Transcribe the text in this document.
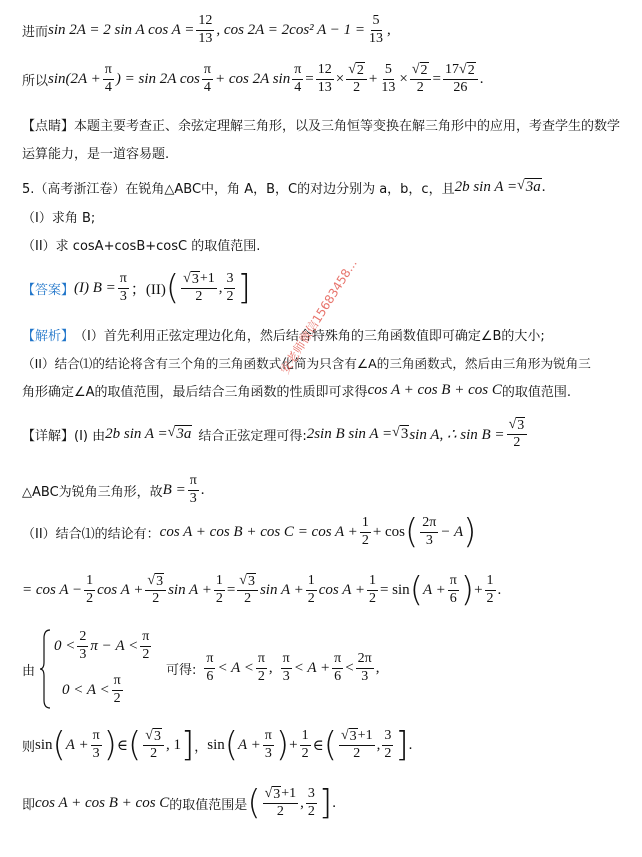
进而 sin 2A = 2 sin A $\cos A = \frac{12}{13}$ , cos 2A = 2cos² $A - 1 = \frac{5}{13}$ ,
所以 $\sin(2A + \frac{\pi}{4}$ ) = sin 2A $\cos \frac{\pi}{4} + \cos 2A$ $\sin \frac{\pi}{4} = \frac{12}{13} \times \frac{√ 2}{2} + \frac{5}{13} \times \frac{√ 2}{2} = \frac{17 √ 2}{26}$ .
【点睛】 本题主要考查正、余弦定理解三角形，以及三角恒等变换在解三角形中的应用，考查学生的数学
运算能力，是一道容易题.
5.（高考浙江卷）在锐角△ABC中，角 A，B，C的对边分别为 a，b，c，且 2b sin A = √ 3a .
（I）求角 B;
（II）求 cosA+cosB+cosC 的取值范围.
【答案】 (I) $B = \frac{\pi}{3}$ ；(II) ( $\frac{√ 3 +1}{2}$ , $\frac{3}{2}$ ]
【解析】 （I）首先利用正弦定理边化角，然后结合特殊角的三角函数值即可确定∠B的大小;
（II）结合⑴的结论将含有三个角的三角函数式化简为只含有∠A的三角函数式，然后由三角形为锐角三
角形确定∠A的取值范围，最后结合三角函数的性质即可求得 cos A + cos B + cos C 的取值范围.
【详解】 (I) 由 2b sin A = √ 3a 结合正弦定理可得: 2sin B sin A = √ 3 sin A, ∴ $\sin B = \frac{√ 3}{2}$
△ABC为锐角三角形，故 $B = \frac{\pi}{3}$ .
（II）结合⑴的结论有： $\cos A + \cos B + \cos C = \cos A + \frac{1}{2} + \cos$ ( $\frac{2\pi}{3} - A$ )
= $\cos A - \frac{1}{2}$ $\cos A + \frac{√ 3}{2}$ $\sin A + \frac{1}{2} = \frac{√ 3}{2}$ $\sin A + \frac{1}{2}$ $\cos A + \frac{1}{2} = \sin$ ( $A + \frac{\pi}{6}$ ) + $\frac{1}{2}$ .
由
$0 < \frac{2}{3}$ $\pi - A < \frac{\pi}{2}$
$0 < A < \frac{\pi}{2}$
可得: $\frac{\pi}{6} < A < \frac{\pi}{2}$ , $\frac{\pi}{3} < A + \frac{\pi}{6} < \frac{2\pi}{3}$ ,
则 sin ( $A + \frac{\pi}{3}$ ) ∈ ( $\frac{√ 3}{2}$ , 1 ] ， sin ( $A + \frac{\pi}{3}$ ) + $\frac{1}{2}$ ∈ ( $\frac{√ 3 +1}{2}$ , $\frac{3}{2}$ ] .
即 cos A + cos B + cos C 的取值范围是 ( $\frac{√ 3 +1}{2}$ , $\frac{3}{2}$ ] .
安老师微信15683458...
